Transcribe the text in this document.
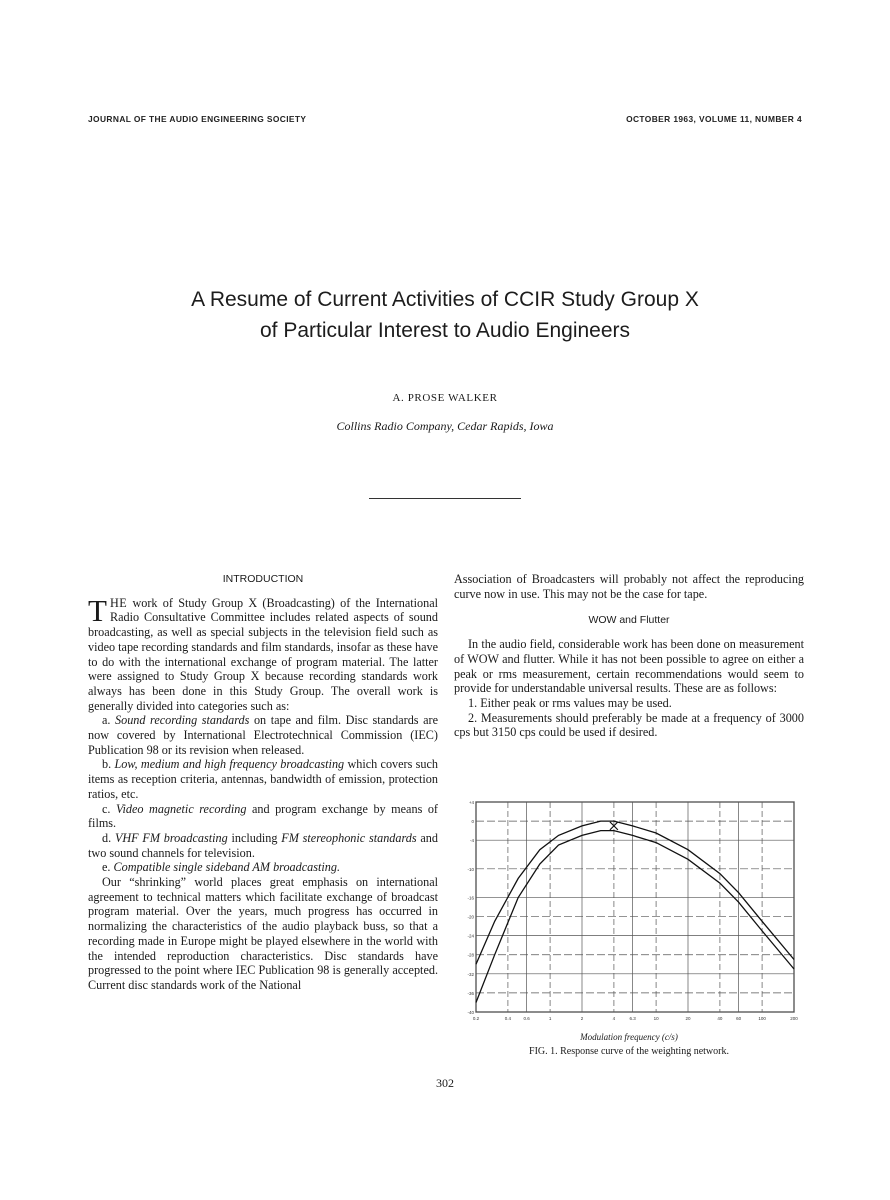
JOURNAL OF THE AUDIO ENGINEERING SOCIETY	OCTOBER 1963, VOLUME 11, NUMBER 4
A Resume of Current Activities of CCIR Study Group X
of Particular Interest to Audio Engineers
A. PROSE WALKER
Collins Radio Company, Cedar Rapids, Iowa
INTRODUCTION

THE work of Study Group X (Broadcasting) of the International Radio Consultative Committee includes related aspects of sound broadcasting, as well as special subjects in the television field such as video tape recording standards and film standards, insofar as these have to do with the international exchange of program material. The latter were assigned to Study Group X because recording standards work always has been done in this Study Group. The overall work is generally divided into categories such as:

a. Sound recording standards on tape and film. Disc standards are now covered by International Electrotechnical Commission (IEC) Publication 98 or its revision when released.

b. Low, medium and high frequency broadcasting which covers such items as reception criteria, antennas, bandwidth of emission, protection ratios, etc.

c. Video magnetic recording and program exchange by means of films.

d. VHF FM broadcasting including FM stereophonic standards and two sound channels for television.

e. Compatible single sideband AM broadcasting.

Our “shrinking” world places great emphasis on international agreement to technical matters which facilitate exchange of broadcast program material. Over the years, much progress has occurred in normalizing the characteristics of the audio playback buss, so that a recording made in Europe might be played elsewhere in the world with the intended reproduction characteristics. Disc standards have progressed to the point where IEC Publication 98 is generally accepted. Current disc standards work of the National

Association of Broadcasters will probably not affect the reproducing curve now in use. This may not be the case for tape.

WOW and Flutter

In the audio field, considerable work has been done on measurement of WOW and flutter. While it has not been possible to agree on either a peak or rms measurement, certain recommendations would seem to provide for understandable universal results. These are as follows:

1. Either peak or rms values may be used.

2. Measurements should preferably be made at a frequency of 3000 cps but 3150 cps could be used if desired.

+4
0
-4
-10
-16
-20
-24
-28
-32
-36
-40
0.2	0.4	0.6	1	2	4	6.3	10	20	40	60	100	200
Modulation frequency (c/s)
FIG. 1. Response curve of the weighting network.
302
